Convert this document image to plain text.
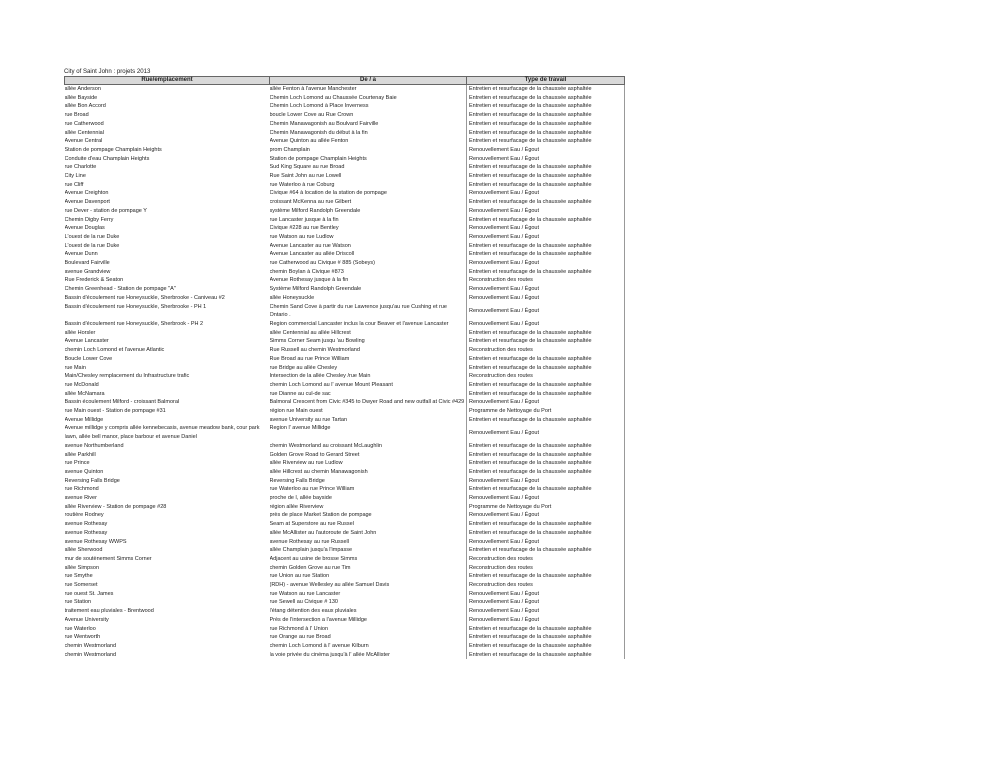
City of Saint John : projets 2013
Rue/emplacement	De / a	Type de travail
allée Anderson	allée Fenton à l'avenue Manchester	Entretien et resurfacage de la chaussée asphaltée
allée Bayside	Chemin Loch Lomond au Chaussée Courtenay Baie	Entretien et resurfacage de la chaussée asphaltée
allée Bon Accord	Chemin Loch Lomond à Place Inverness	Entretien et resurfacage de la chaussée asphaltée
rue Broad	boucle Lower Cove au Rue Crown	Entretien et resurfacage de la chaussée asphaltée
rue Catherwood	Chemin Manawagonish au Boulvard Fairville	Entretien et resurfacage de la chaussée asphaltée
allée Centennial	Chemin Manawagonish du début à la fin	Entretien et resurfacage de la chaussée asphaltée
Avenue Central	Avenue Quinton au allée Fenton	Entretien et resurfacage de la chaussée asphaltée
Station de pompage Champlain Heights	prom Champlain	Renouvellement Eau / Égout
Conduite d'eau Champlain Heights	Station de pompage Champlain Heights	Renouvellement Eau / Égout
rue Charlotte	Sud King Square au rue Broad	Entretien et resurfacage de la chaussée asphaltée
City Line	Rue Saint John au rue Lowell	Entretien et resurfacage de la chaussée asphaltée
rue Cliff	rue Waterloo à rue Coburg	Entretien et resurfacage de la chaussée asphaltée
Avenue Creighton	Civique #64 à location de la station de pompage	Renouvellement Eau / Égout
Avenue Davenport	croissant McKenna au rue Gilbert	Entretien et resurfacage de la chaussée asphaltée
rue Dever - station de pompage Y	système Milford Randolph Greendale	Renouvellement Eau / Égout
Chemin Digby Ferry	rue Lancaster jusque à la fin	Entretien et resurfacage de la chaussée asphaltée
Avenue Douglas	Civique #228 au rue Bentley	Renouvellement Eau / Égout
L'ouest de la rue Duke	rue Watson au rue Ludlow	Renouvellement Eau / Égout
L'ouest de la rue Duke	Avenue Lancaster au rue Watson	Entretien et resurfacage de la chaussée asphaltée
Avenue Dunn	Avenue Lancaster au allée Driscoll	Entretien et resurfacage de la chaussée asphaltée
Boulevard Fairville	rue Catherwood au Civique # 885 (Sobeys)	Renouvellement Eau / Égout
avenue Grandview	chemin Boylan à Civique #873	Entretien et resurfacage de la chaussée asphaltée
Rue Frederick & Seaton	Avenue Rothesay jusque à la fin	Reconstruction des routes
Chemin Greenhead - Station de pompage "A"	Système Milford Randolph Greendale	Renouvellement Eau / Égout
Bassin d'écoulement rue Honeysuckle, Sherbrooke - Caniveau #2	allée Honeysuckle	Renouvellement Eau / Égout
Bassin d'écoulement rue Honeysuckle, Sherbrooke - PH 1	Chemin Sand Cove à partir du rue Lawrence jusqu'au rue Cushing et rue Ontario .	Renouvellement Eau / Égout
Bassin d'écoulement rue Honeysuckle, Sherbrook - PH 2	Region commercial Lancaster inclus la cour Beaver et l'avenue Lancaster	Renouvellement Eau / Égout
allée Horsler	allée Centennial au allée Hillcrest	Entretien et resurfacage de la chaussée asphaltée
Avenue Lancaster	Simms Corner Seam jusqu 'au Bowling	Entretien et resurfacage de la chaussée asphaltée
chemin Loch Lomond et l'avenue Atlantic	Rue Russell au chemin Westmorland	Reconstruction des routes
Boucle Lower Cove	Rue Broad au rue Prince William	Entretien et resurfacage de la chaussée asphaltée
rue Main	rue Bridge au allée Chesley	Entretien et resurfacage de la chaussée asphaltée
Main/Chesley remplacement du Infrastructure trafic	Intersection de la allée Chesley /rue Main	Reconstruction des routes
rue McDonald	chemin Loch Lomond au l' avenue Mount Pleasant	Entretien et resurfacage de la chaussée asphaltée
allée McNamara	rue Dianne au cul-de sac	Entretien et resurfacage de la chaussée asphaltée
Bassin écoulement Milford - croissant Balmoral	Balmoral Crescent from Civic #345 to Dwyer Road and new outfall at Civic #429	Renouvellement Eau / Égout
rue Main ouest - Station de pompage #31	région rue Main ouest	Programme de Nettoyage du Port
Avenue Millidge	avenue University au rue Tartan	Entretien et resurfacage de la chaussée asphaltée
Avenue millidge y compris allée kennebecasis, avenue meadow bank, cour park lawn, allée bell manor, place barbour et avenue Daniel	Region l' avenue Millidge	Renouvellement Eau / Égout
avenue Northumberland	chemin Westmorland au croissant McLaughlin	Entretien et resurfacage de la chaussée asphaltée
allée Parkhill	Golden Grove Road to Gerard Street	Entretien et resurfacage de la chaussée asphaltée
rue Prince	allée Riverview au rue Ludlow	Entretien et resurfacage de la chaussée asphaltée
avenue Quinton	allée Hillcrest au chemin Manawagonish	Entretien et resurfacage de la chaussée asphaltée
Reversing Falls Bridge	Reversing Falls Bridge	Renouvellement Eau / Égout
rue Richmond	rue Waterloo au rue Prince William	Entretien et resurfacage de la chaussée asphaltée
avenue River	proche de l, allée bayside	Renouvellement Eau / Égout
allée Riverview - Station de pompage #28	région allée Riverview	Programme de Nettoyage du Port
routière Rodney	près de place Market Station de pompage	Renouvellement Eau / Égout
avenue Rothesay	Seam at Superstore au rue Russel	Entretien et resurfacage de la chaussée asphaltée
avenue Rothesay	allée McAllister au l'autoroute de Saint John	Entretien et resurfacage de la chaussée asphaltée
avenue Rothesay WWPS	avenue Rothesay au rue Russell	Renouvellement Eau / Égout
allée Sherwood	allée Champlain jusqu'a l'impasse	Entretien et resurfacage de la chaussée asphaltée
mur de soutènement Simms Corner	Adjacent au usine de brosse Simms	Reconstruction des routes
allée Simpson	chemin Golden Grove au rue Tim	Reconstruction des routes
rue Smythe	rue Union au rue Station	Entretien et resurfacage de la chaussée asphaltée
rue Somerset	(RDH) - avenue Wellesley au allée Samuel Davis	Reconstruction des routes
rue ouest St. James	rue Watson au rue Lancaster	Renouvellement Eau / Égout
rue Station	rue Sewell au Civique # 130	Renouvellement Eau / Égout
traitement eau pluviales - Brentwood	l'étang détention des eaux pluviales	Renouvellement Eau / Égout
Avenue University	Près de l'intersection a l'avenue Millidge	Renouvellement Eau / Égout
rue Waterloo	rue Richmond à l' Union	Entretien et resurfacage de la chaussée asphaltée
rue Wentworth	rue Orange au rue Broad	Entretien et resurfacage de la chaussée asphaltée
chemin Westmorland	chemin Loch Lomond à l' avenue Kilburn	Entretien et resurfacage de la chaussée asphaltée
chemin Westmorland	la voie privée du cinéma jusqu'à l' allée McAllister	Entretien et resurfacage de la chaussée asphaltée
